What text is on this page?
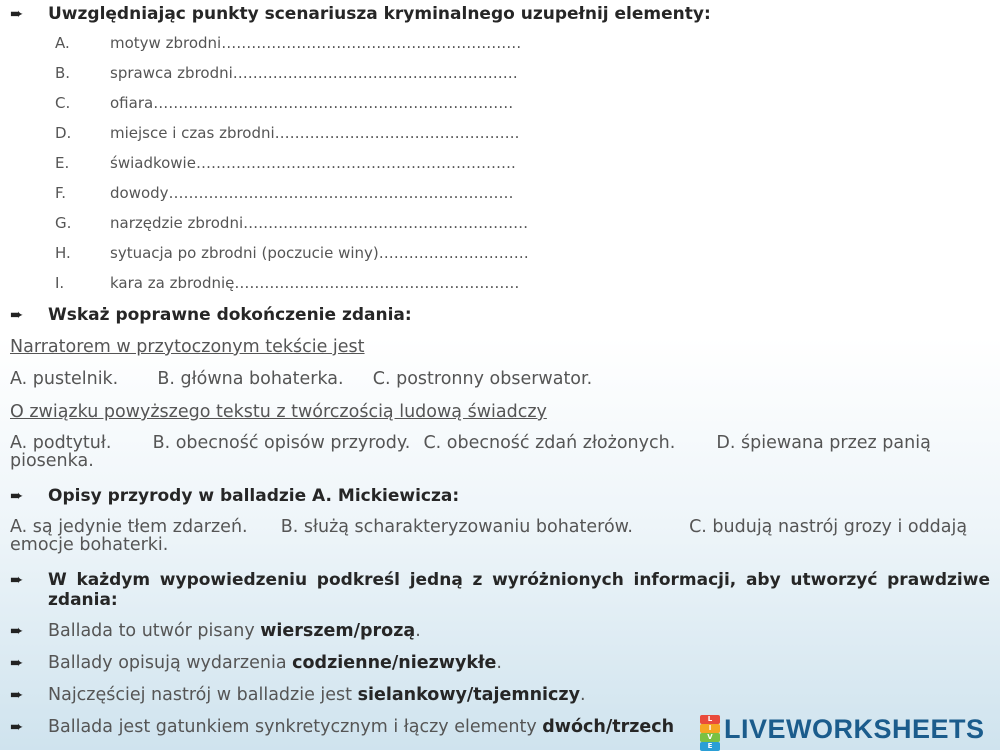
➨ Uwzględniając punkty scenariusza kryminalnego uzupełnij elementy:
A.	motyw zbrodni……………………………………………………
B.	sprawca zbrodni…………………………………………………
C.	ofiara………………………………………………………………
D.	miejsce i czas zbrodni………………………………………….
E.	świadkowie……………………………………………………….
F.	dowody……………………………………………………………
G.	narzędzie zbrodni…………………………………………………
H.	sytuacja po zbrodni (poczucie winy)…………………………
I.	kara za zbrodnię…………………………………………………
➨ Wskaż poprawne dokończenie zdania:
Narratorem w przytoczonym tekście jest
A. pustelnik. B. główna bohaterka. C. postronny obserwator.
O związku powyższego tekstu z twórczością ludową świadczy
A. podtytuł. B. obecność opisów przyrody. C. obecność zdań złożonych. D. śpiewana przez panią piosenka.
➨ Opisy przyrody w balladzie A. Mickiewicza:
A. są jedynie tłem zdarzeń. B. służą scharakteryzowaniu bohaterów.	C. budują nastrój grozy i oddają emocje bohaterki.
➨ W każdym wypowiedzeniu podkreśl jedną z wyróżnionych informacji, aby utworzyć prawdziwe zdania:
➨ Ballada to utwór pisany wierszem/prozą.
➨ Ballady opisują wydarzenia codzienne/niezwykłe.
➨ Najczęściej nastrój w balladzie jest sielankowy/tajemniczy.
➨ Ballada jest gatunkiem synkretycznym i łączy elementy dwóch/trzech	L
I
V
E
LIVEWORKSHEETS
